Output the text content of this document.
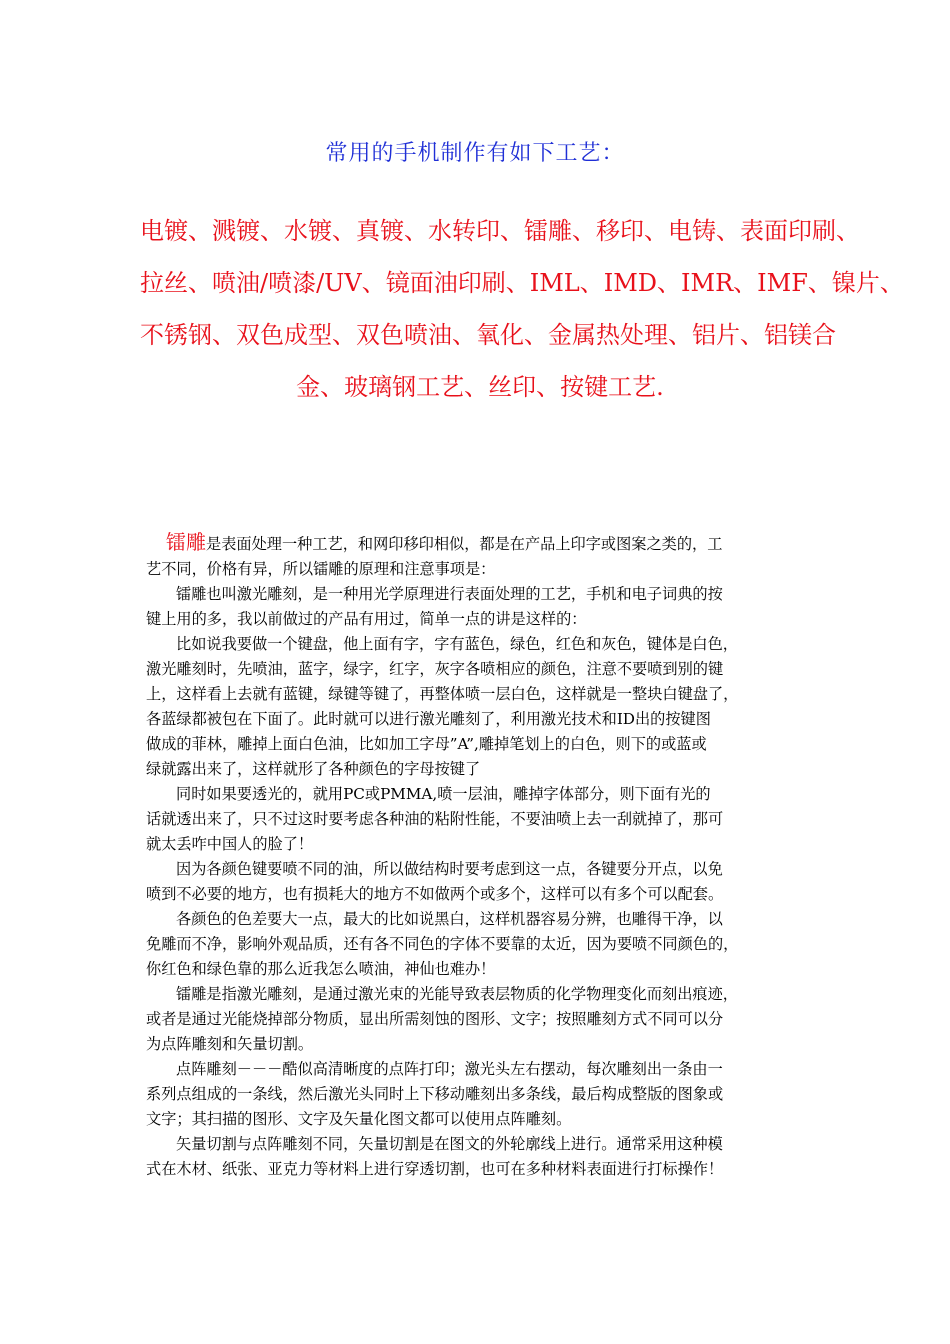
常用的手机制作有如下工艺：
电镀、溅镀、水镀、真镀、水转印、镭雕、移印、电铸、表面印刷、
拉丝、喷油/喷漆/UV、镜面油印刷、IML、IMD、IMR、IMF、镍片、
不锈钢、双色成型、双色喷油、氧化、金属热处理、铝片、铝镁合
金、玻璃钢工艺、丝印、按键工艺.

镭雕是表面处理一种工艺，和网印移印相似，都是在产品上印字或图案之类的，工
艺不同，价格有异，所以镭雕的原理和注意事项是：

镭雕也叫激光雕刻，是一种用光学原理进行表面处理的工艺，手机和电子词典的按
键上用的多，我以前做过的产品有用过，简单一点的讲是这样的：

比如说我要做一个键盘，他上面有字，字有蓝色，绿色，红色和灰色，键体是白色，
激光雕刻时，先喷油，蓝字，绿字，红字，灰字各喷相应的颜色，注意不要喷到别的键
上，这样看上去就有蓝键，绿键等键了，再整体喷一层白色，这样就是一整块白键盘了，
各蓝绿都被包在下面了。此时就可以进行激光雕刻了，利用激光技术和ID出的按键图
做成的菲林，雕掉上面白色油，比如加工字母”A”,雕掉笔划上的白色，则下的或蓝或
绿就露出来了，这样就形了各种颜色的字母按键了

同时如果要透光的，就用PC或PMMA,喷一层油，雕掉字体部分，则下面有光的
话就透出来了，只不过这时要考虑各种油的粘附性能，不要油喷上去一刮就掉了，那可
就太丢咋中国人的脸了！

因为各颜色键要喷不同的油，所以做结构时要考虑到这一点，各键要分开点，以免
喷到不必要的地方，也有损耗大的地方不如做两个或多个，这样可以有多个可以配套。

各颜色的色差要大一点，最大的比如说黑白，这样机器容易分辨，也雕得干净，以
免雕而不净，影响外观品质，还有各不同色的字体不要靠的太近，因为要喷不同颜色的，
你红色和绿色靠的那么近我怎么喷油，神仙也难办！

镭雕是指激光雕刻，是通过激光束的光能导致表层物质的化学物理变化而刻出痕迹，
或者是通过光能烧掉部分物质，显出所需刻蚀的图形、文字；按照雕刻方式不同可以分
为点阵雕刻和矢量切割。

点阵雕刻－－－酷似高清晰度的点阵打印；激光头左右摆动，每次雕刻出一条由一
系列点组成的一条线，然后激光头同时上下移动雕刻出多条线，最后构成整版的图象或
文字；其扫描的图形、文字及矢量化图文都可以使用点阵雕刻。

矢量切割与点阵雕刻不同，矢量切割是在图文的外轮廓线上进行。通常采用这种模
式在木材、纸张、亚克力等材料上进行穿透切割，也可在多种材料表面进行打标操作！
